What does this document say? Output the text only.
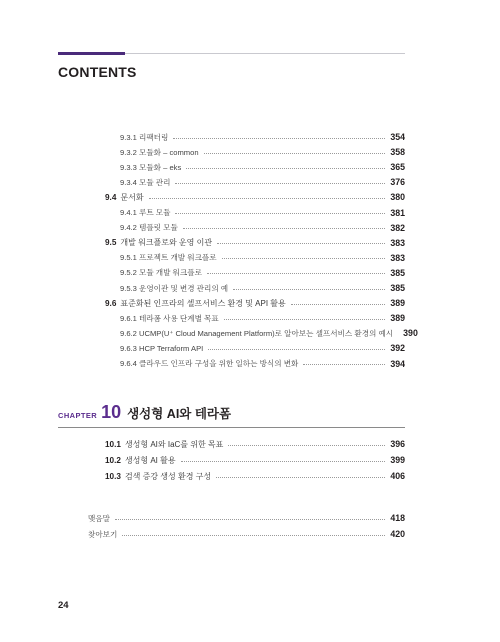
CONTENTS
9.3.1 리팩터링	354
9.3.2 모듈화 – common	358
9.3.3 모듈화 – eks	365
9.3.4 모듈 관리	376
9.4 문서화	380
9.4.1 루트 모듈	381
9.4.2 템플릿 모듈	382
9.5 개발 워크플로와 운영 이관	383
9.5.1 프로젝트 개발 워크플로	383
9.5.2 모듈 개발 워크플로	385
9.5.3 운영이관 및 변경 관리의 예	385
9.6 표준화된 인프라의 셀프서비스 환경 및 API 활용	389
9.6.1 테라폼 사용 단계별 목표	389
9.6.2 UCMP(U⁺ Cloud Management Platform)로 알아보는 셀프서비스 환경의 예시 390
9.6.3 HCP Terraform API	392
9.6.4 클라우드 인프라 구성을 위한 일하는 방식의 변화	394
CHAPTER 10 생성형 AI와 테라폼
10.1 생성형 AI와 IaC를 위한 목표	396
10.2 생성형 AI 활용	399
10.3 검색 증강 생성 환경 구성	406
맺음말	418
찾아보기	420
24
